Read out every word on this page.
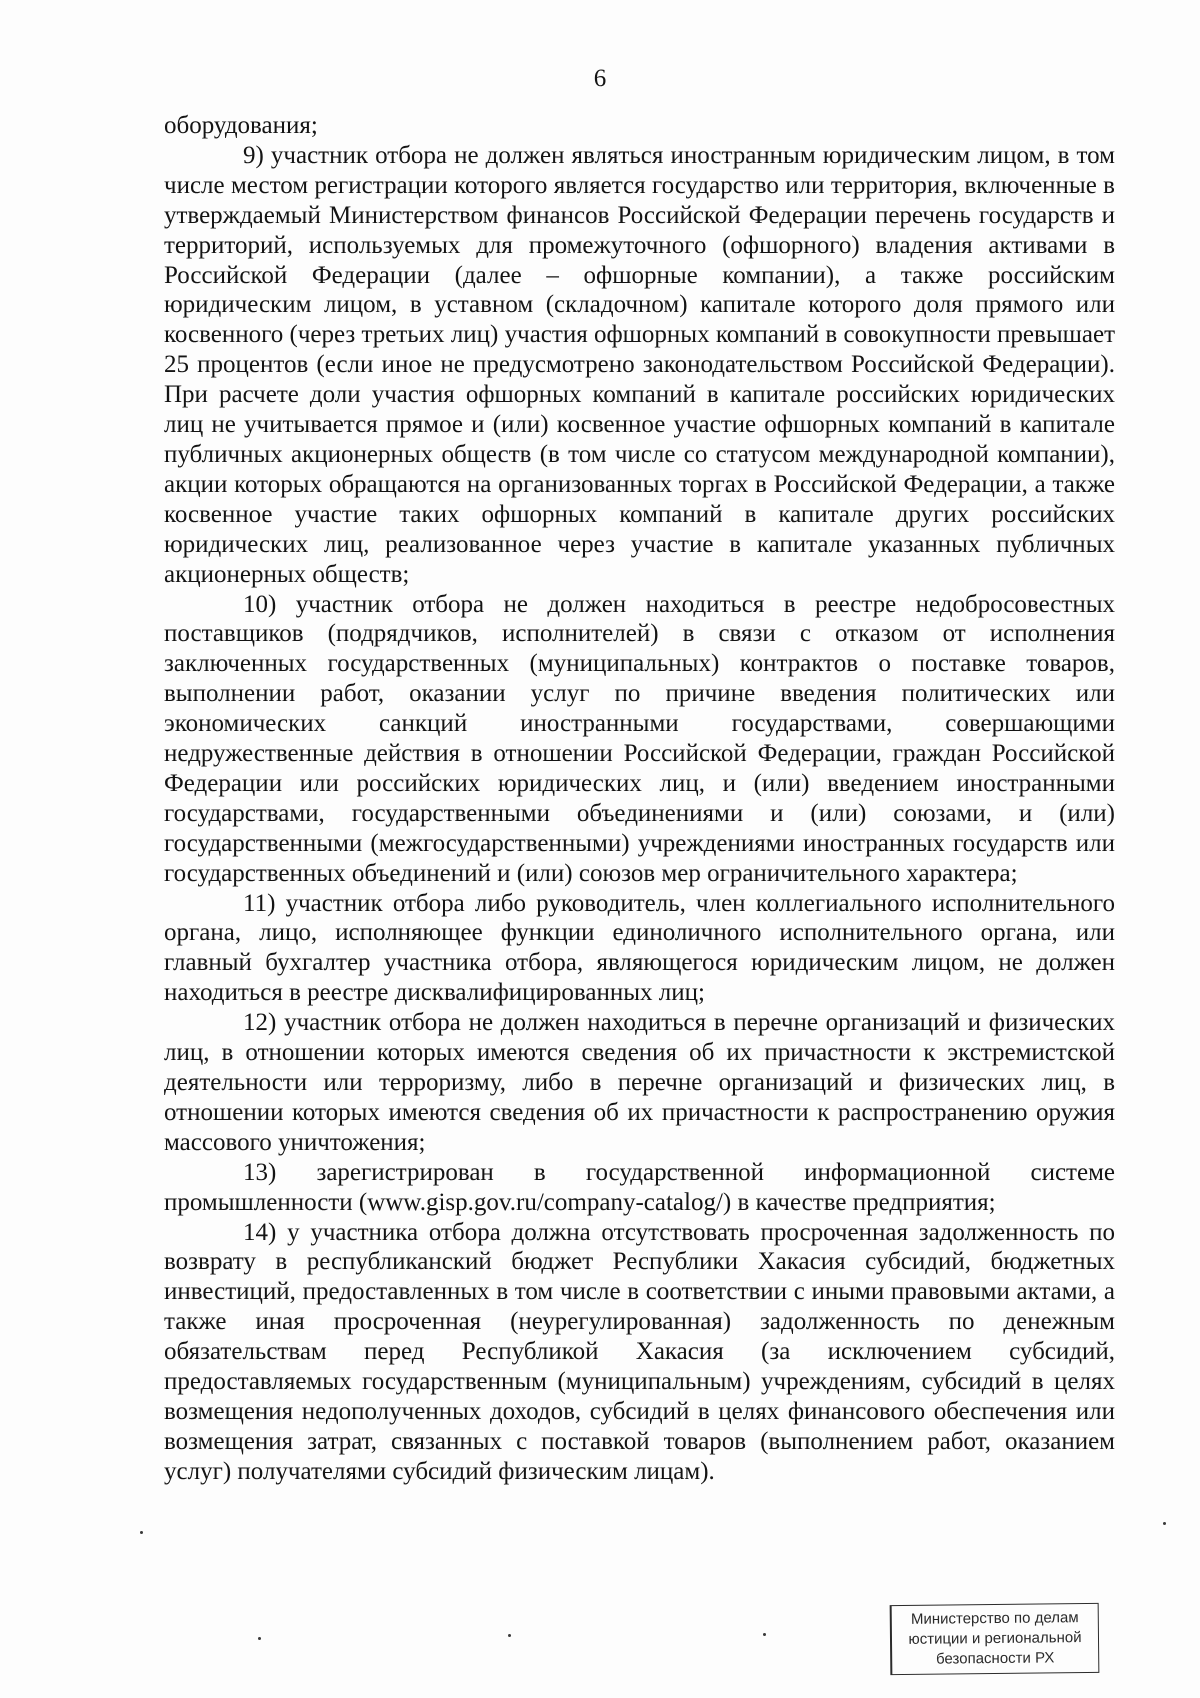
6

оборудования;

9) участник отбора не должен являться иностранным юридическим лицом, в том числе местом регистрации которого является государство или территория, включенные в утверждаемый Министерством финансов Российской Федерации перечень государств и территорий, используемых для промежуточного (офшорного) владения активами в Российской Федерации (далее – офшорные компании), а также российским юридическим лицом, в уставном (складочном) капитале которого доля прямого или косвенного (через третьих лиц) участия офшорных компаний в совокупности превышает 25 процентов (если иное не предусмотрено законодательством Российской Федерации). При расчете доли участия офшорных компаний в капитале российских юридических лиц не учитывается прямое и (или) косвенное участие офшорных компаний в капитале публичных акционерных обществ (в том числе со статусом международной компании), акции которых обращаются на организованных торгах в Российской Федерации, а также косвенное участие таких офшорных компаний в капитале других российских юридических лиц, реализованное через участие в капитале указанных публичных акционерных обществ;

10) участник отбора не должен находиться в реестре недобросовестных поставщиков (подрядчиков, исполнителей) в связи с отказом от исполнения заключенных государственных (муниципальных) контрактов о поставке товаров, выполнении работ, оказании услуг по причине введения политических или экономических санкций иностранными государствами, совершающими недружественные действия в отношении Российской Федерации, граждан Российской Федерации или российских юридических лиц, и (или) введением иностранными государствами, государственными объединениями и (или) союзами, и (или) государственными (межгосударственными) учреждениями иностранных государств или государственных объединений и (или) союзов мер ограничительного характера;

11) участник отбора либо руководитель, член коллегиального исполнительного органа, лицо, исполняющее функции единоличного исполнительного органа, или главный бухгалтер участника отбора, являющегося юридическим лицом, не должен находиться в реестре дисквалифицированных лиц;

12) участник отбора не должен находиться в перечне организаций и физических лиц, в отношении которых имеются сведения об их причастности к экстремистской деятельности или терроризму, либо в перечне организаций и физических лиц, в отношении которых имеются сведения об их причастности к распространению оружия массового уничтожения;

13) зарегистрирован в государственной информационной системе промышленности (www.gisp.gov.ru/company-catalog/) в качестве предприятия;

14) у участника отбора должна отсутствовать просроченная задолженность по возврату в республиканский бюджет Республики Хакасия субсидий, бюджетных инвестиций, предоставленных в том числе в соответствии с иными правовыми актами, а также иная просроченная (неурегулированная) задолженность по денежным обязательствам перед Республикой Хакасия (за исключением субсидий, предоставляемых государственным (муниципальным) учреждениям, субсидий в целях возмещения недополученных доходов, субсидий в целях финансового обеспечения или возмещения затрат, связанных с поставкой товаров (выполнением работ, оказанием услуг) получателями субсидий физическим лицам).

Министерство по делам
юстиции и региональной
безопасности РХ
